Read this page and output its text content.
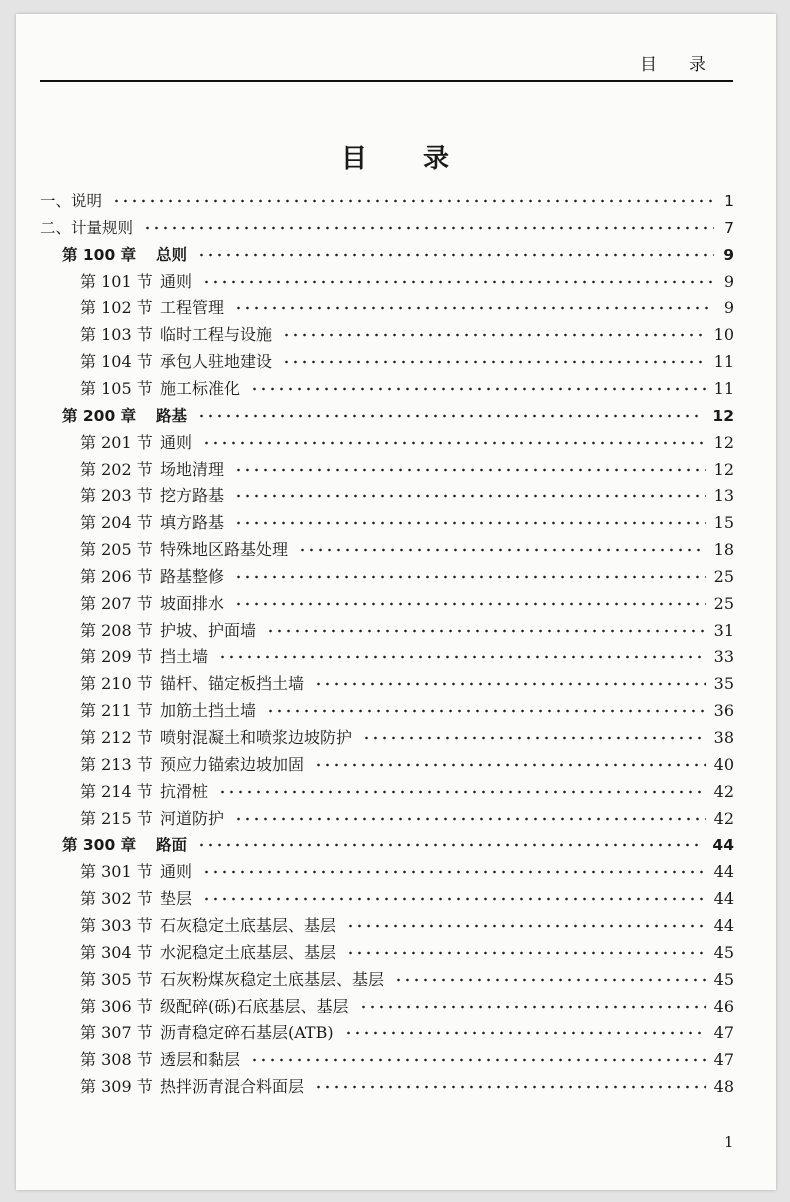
目录
目录
一、说明	1
二、计量规则	7
第 100 章	总则	9
第 101 节 通则	9
第 102 节 工程管理	9
第 103 节 临时工程与设施	10
第 104 节 承包人驻地建设	11
第 105 节 施工标准化	11
第 200 章	路基	12
第 201 节 通则	12
第 202 节 场地清理	12
第 203 节 挖方路基	13
第 204 节 填方路基	15
第 205 节 特殊地区路基处理	18
第 206 节 路基整修	25
第 207 节 坡面排水	25
第 208 节 护坡、护面墙	31
第 209 节 挡土墙	33
第 210 节 锚杆、锚定板挡土墙	35
第 211 节 加筋土挡土墙	36
第 212 节 喷射混凝土和喷浆边坡防护	38
第 213 节 预应力锚索边坡加固	40
第 214 节 抗滑桩	42
第 215 节 河道防护	42
第 300 章	路面	44
第 301 节 通则	44
第 302 节 垫层	44
第 303 节 石灰稳定土底基层、基层	44
第 304 节 水泥稳定土底基层、基层	45
第 305 节 石灰粉煤灰稳定土底基层、基层	45
第 306 节 级配碎(砾)石底基层、基层	46
第 307 节 沥青稳定碎石基层(ATB)	47
第 308 节 透层和黏层	47
第 309 节 热拌沥青混合料面层	48
1
